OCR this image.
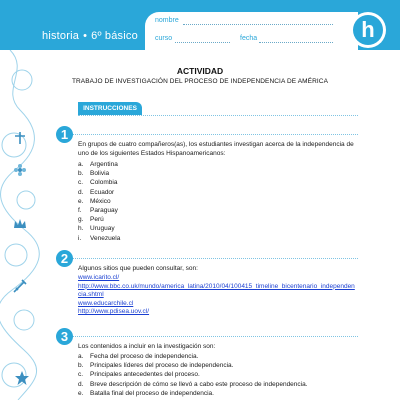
historia • 6º básico
nombre
curso	fecha	h
ACTIVIDAD
TRABAJO DE INVESTIGACIÓN DEL PROCESO DE INDEPENDENCIA DE AMÉRICA
INSTRUCCIONES
1
En grupos de cuatro compañeros(as), los estudiantes investigan acerca de la independencia de uno de los siguientes Estados Hispanoamericanos:
a. Argentina
b. Bolivia
c. Colombia
d. Ecuador
e. México
f. Paraguay
g. Perú
h. Uruguay
i. Venezuela
2
Algunos sitios que pueden consultar, son:
www.icarito.cl/
http://www.bbc.co.uk/mundo/america_latina/2010/04/100415_timeline_bicentenario_independencia.shtml
www.educarchile.cl
http://www.pdisea.uov.cl/
3
Los contenidos a incluir en la investigación son:
a. Fecha del proceso de independencia.
b. Principales líderes del proceso de independencia.
c. Principales antecedentes del proceso.
d. Breve descripción de cómo se llevó a cabo este proceso de independencia.
e. Batalla final del proceso de independencia.
